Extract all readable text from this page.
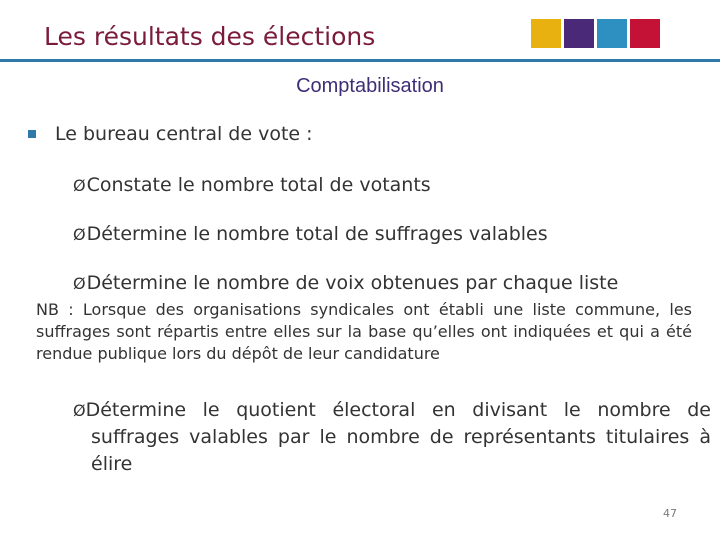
Les résultats des élections
Comptabilisation
Le bureau central de vote :
ØConstate le nombre total de votants
ØDétermine le nombre total de suffrages valables
ØDétermine le nombre de voix obtenues par chaque liste
NB : Lorsque des organisations syndicales ont établi une liste commune, les suffrages sont répartis entre elles sur la base qu’elles ont indiquées et qui a été rendue publique lors du dépôt de leur candidature
ØDétermine le quotient électoral en divisant le nombre de suffrages valables par le nombre de représentants titulaires à élire
47
